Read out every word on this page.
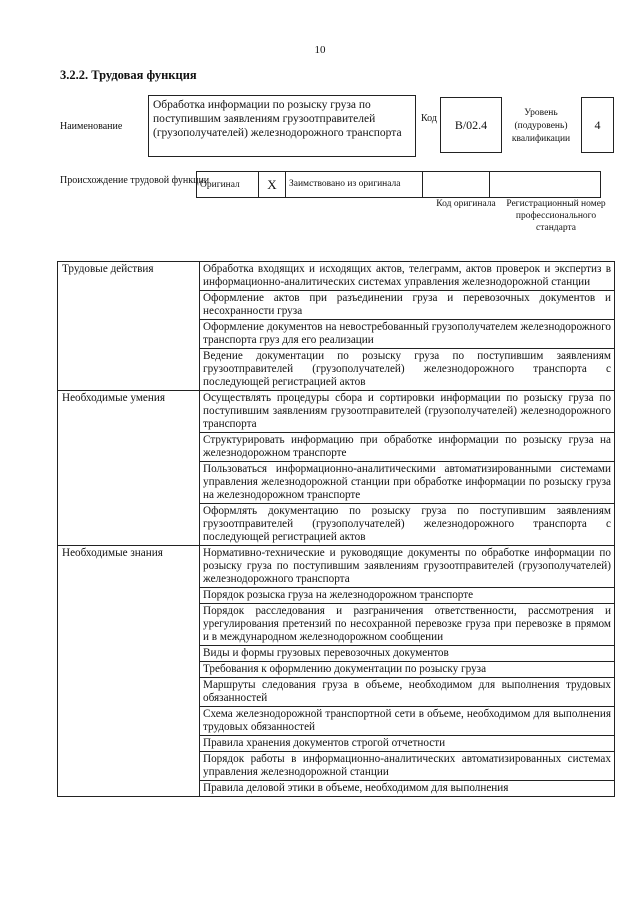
10
3.2.2. Трудовая функция
Наименование
Обработка информации по розыску груза по поступившим заявлениям грузоотправителей (грузополучателей) железнодорожного транспорта
Код	B/02.4
Уровень (подуровень) квалификации
4
Происхождение трудовой функции
Оригинал	X	Заимствовано из оригинала		
Код оригинала	Регистрационный номер профессионального стандарта
Трудовые действия	Обработка входящих и исходящих актов, телеграмм, актов проверок и экспертиз в информационно-аналитических системах управления железнодорожной станции
	Оформление актов при разъединении груза и перевозочных документов и несохранности груза
	Оформление документов на невостребованный грузополучателем железнодорожного транспорта груз для его реализации
	Ведение документации по розыску груза по поступившим заявлениям грузоотправителей (грузополучателей) железнодорожного транспорта с последующей регистрацией актов
Необходимые умения	Осуществлять процедуры сбора и сортировки информации по розыску груза по поступившим заявлениям грузоотправителей (грузополучателей) железнодорожного транспорта
	Структурировать информацию при обработке информации по розыску груза на железнодорожном транспорте
	Пользоваться информационно-аналитическими автоматизированными системами управления железнодорожной станции при обработке информации по розыску груза на железнодорожном транспорте
	Оформлять документацию по розыску груза по поступившим заявлениям грузоотправителей (грузополучателей) железнодорожного транспорта с последующей регистрацией актов
Необходимые знания	Нормативно-технические и руководящие документы по обработке информации по розыску груза по поступившим заявлениям грузоотправителей (грузополучателей) железнодорожного транспорта
	Порядок розыска груза на железнодорожном транспорте
	Порядок расследования и разграничения ответственности, рассмотрения и урегулирования претензий по несохранной перевозке груза при перевозке в прямом и в международном железнодорожном сообщении
	Виды и формы грузовых перевозочных документов
	Требования к оформлению документации по розыску груза
	Маршруты следования груза в объеме, необходимом для выполнения трудовых обязанностей
	Схема железнодорожной транспортной сети в объеме, необходимом для выполнения трудовых обязанностей
	Правила хранения документов строгой отчетности
	Порядок работы в информационно-аналитических автоматизированных системах управления железнодорожной станции
	Правила деловой этики в объеме, необходимом для выполнения
